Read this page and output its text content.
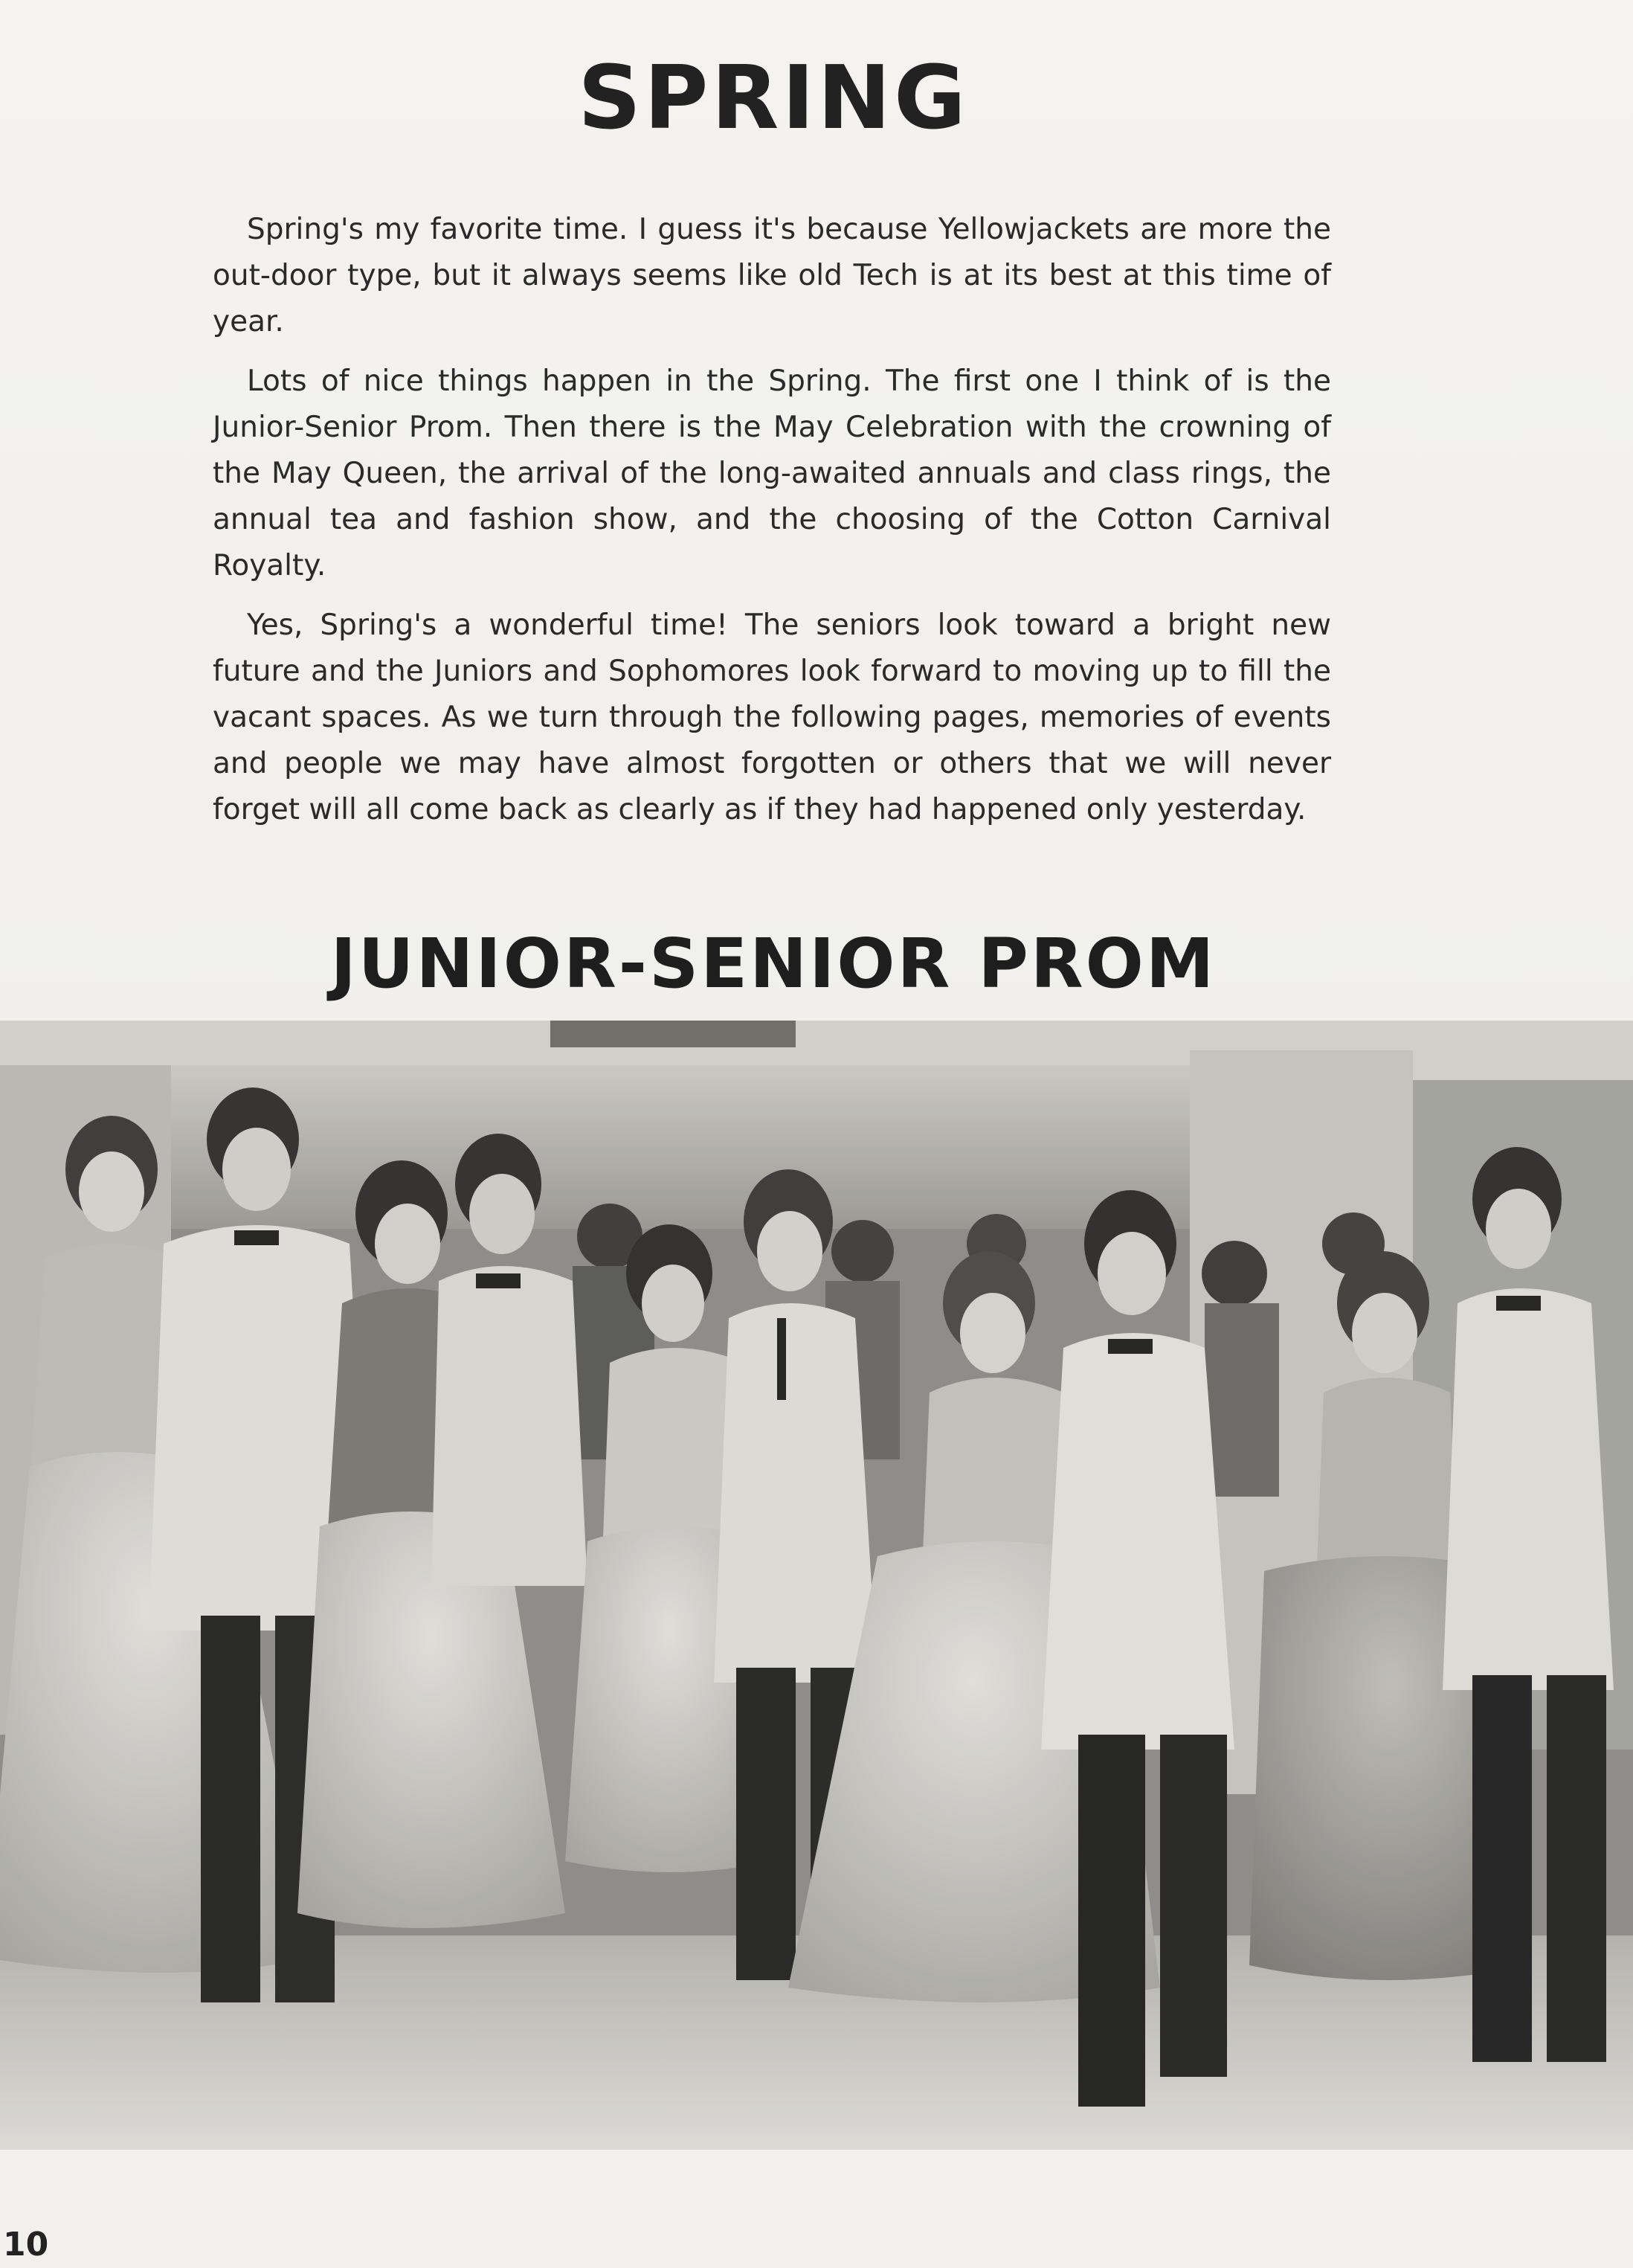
SPRING

Spring's my favorite time. I guess it's because Yellowjackets are more the out-door type, but it always seems like old Tech is at its best at this time of year.

Lots of nice things happen in the Spring. The first one I think of is the Junior-Senior Prom. Then there is the May Celebration with the crowning of the May Queen, the arrival of the long-awaited annuals and class rings, the annual tea and fashion show, and the choosing of the Cotton Carnival Royalty.

Yes, Spring's a wonderful time! The seniors look toward a bright new future and the Juniors and Sophomores look forward to moving up to fill the vacant spaces. As we turn through the following pages, memories of events and people we may have almost forgotten or others that we will never forget will all come back as clearly as if they had happened only yesterday.

JUNIOR-SENIOR PROM
10
